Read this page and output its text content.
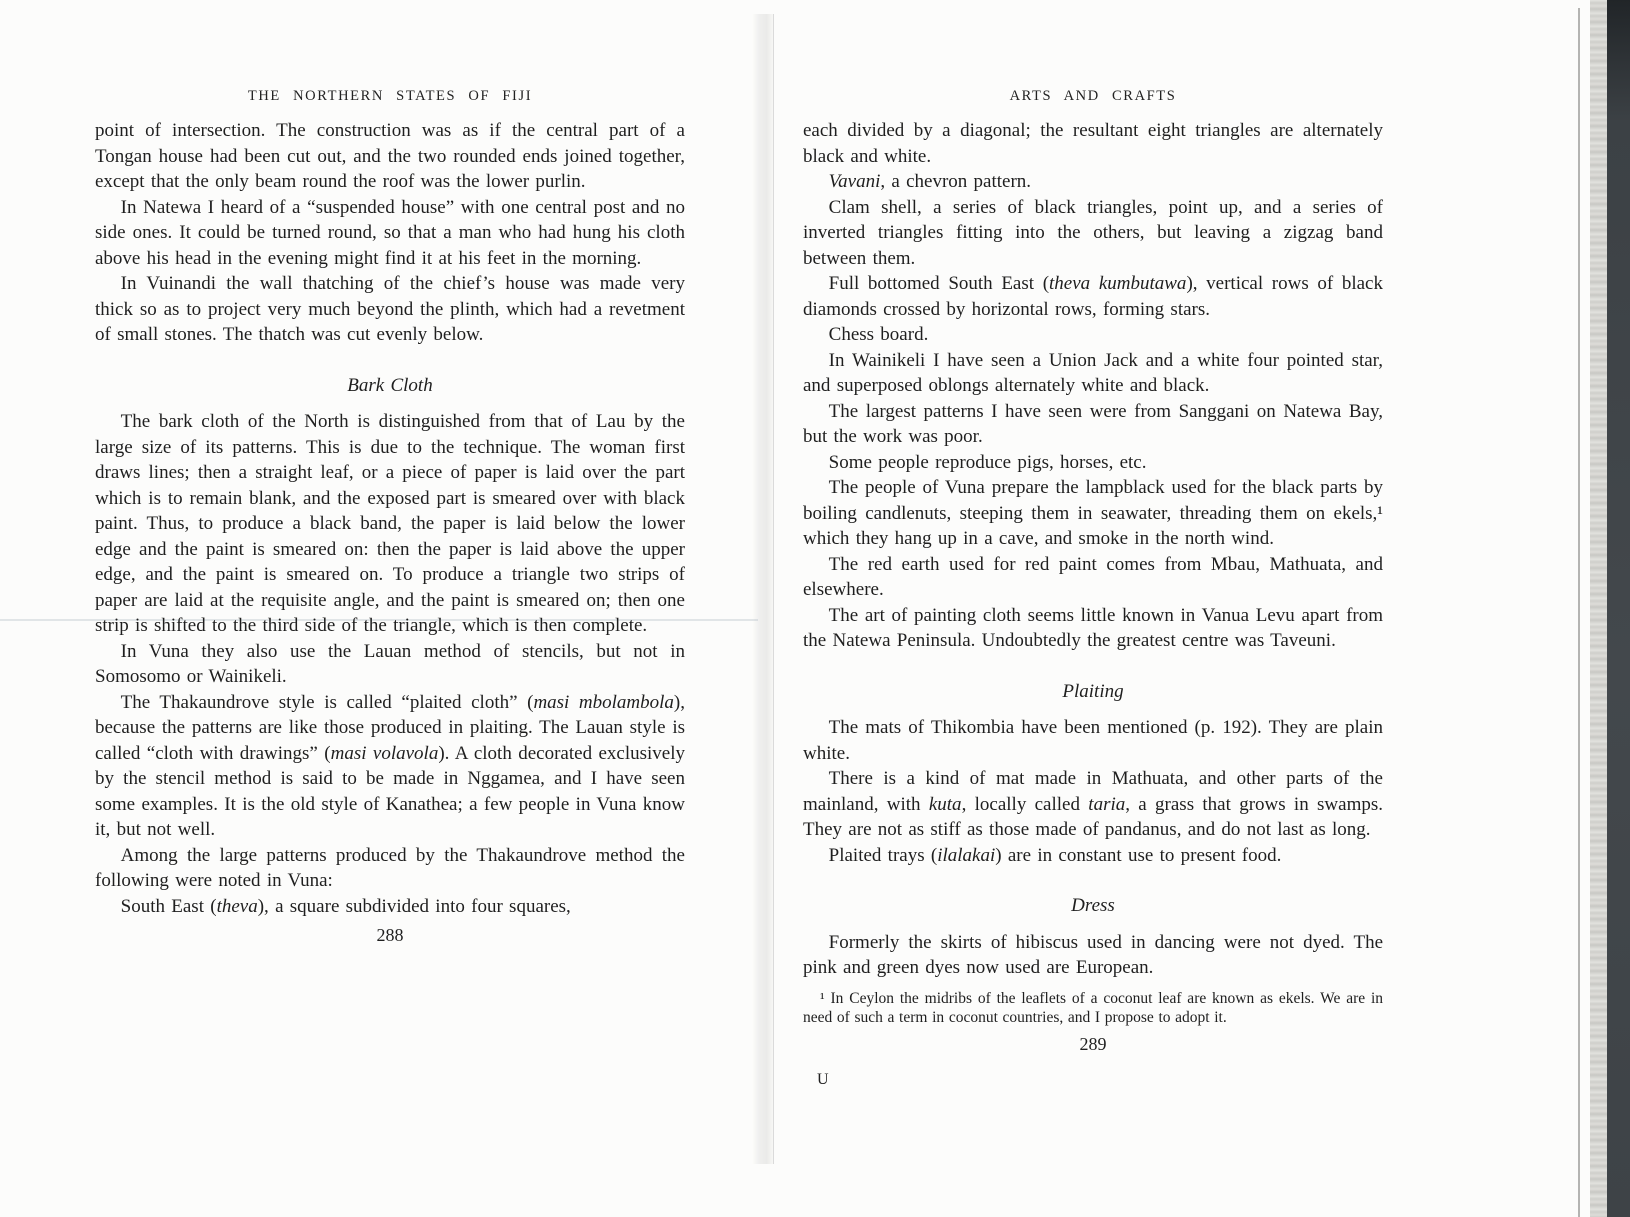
THE NORTHERN STATES OF FIJI

point of intersection. The construction was as if the central part of a Tongan house had been cut out, and the two rounded ends joined together, except that the only beam round the roof was the lower purlin.

In Natewa I heard of a “suspended house” with one central post and no side ones. It could be turned round, so that a man who had hung his cloth above his head in the evening might find it at his feet in the morning.

In Vuinandi the wall thatching of the chief’s house was made very thick so as to project very much beyond the plinth, which had a revetment of small stones. The thatch was cut evenly below.

Bark Cloth

The bark cloth of the North is distinguished from that of Lau by the large size of its patterns. This is due to the technique. The woman first draws lines; then a straight leaf, or a piece of paper is laid over the part which is to remain blank, and the exposed part is smeared over with black paint. Thus, to produce a black band, the paper is laid below the lower edge and the paint is smeared on: then the paper is laid above the upper edge, and the paint is smeared on. To produce a triangle two strips of paper are laid at the requisite angle, and the paint is smeared on; then one strip is shifted to the third side of the triangle, which is then complete.

In Vuna they also use the Lauan method of stencils, but not in Somosomo or Wainikeli.

The Thakaundrove style is called “plaited cloth” (masi mbolambola), because the patterns are like those produced in plaiting. The Lauan style is called “cloth with drawings” (masi volavola). A cloth decorated exclusively by the stencil method is said to be made in Nggamea, and I have seen some examples. It is the old style of Kanathea; a few people in Vuna know it, but not well.

Among the large patterns produced by the Thakaundrove method the following were noted in Vuna:

South East (theva), a square subdivided into four squares,

288
ARTS AND CRAFTS

each divided by a diagonal; the resultant eight triangles are alternately black and white.

Vavani, a chevron pattern.

Clam shell, a series of black triangles, point up, and a series of inverted triangles fitting into the others, but leaving a zigzag band between them.

Full bottomed South East (theva kumbutawa), vertical rows of black diamonds crossed by horizontal rows, forming stars.

Chess board.

In Wainikeli I have seen a Union Jack and a white four pointed star, and superposed oblongs alternately white and black.

The largest patterns I have seen were from Sanggani on Natewa Bay, but the work was poor.

Some people reproduce pigs, horses, etc.

The people of Vuna prepare the lampblack used for the black parts by boiling candlenuts, steeping them in seawater, threading them on ekels,¹ which they hang up in a cave, and smoke in the north wind.

The red earth used for red paint comes from Mbau, Mathuata, and elsewhere.

The art of painting cloth seems little known in Vanua Levu apart from the Natewa Peninsula. Undoubtedly the greatest centre was Taveuni.

Plaiting

The mats of Thikombia have been mentioned (p. 192). They are plain white.

There is a kind of mat made in Mathuata, and other parts of the mainland, with kuta, locally called taria, a grass that grows in swamps. They are not as stiff as those made of pandanus, and do not last as long.

Plaited trays (ilalakai) are in constant use to present food.

Dress

Formerly the skirts of hibiscus used in dancing were not dyed. The pink and green dyes now used are European.

¹ In Ceylon the midribs of the leaflets of a coconut leaf are known as ekels. We are in need of such a term in coconut countries, and I propose to adopt it.
289
U
